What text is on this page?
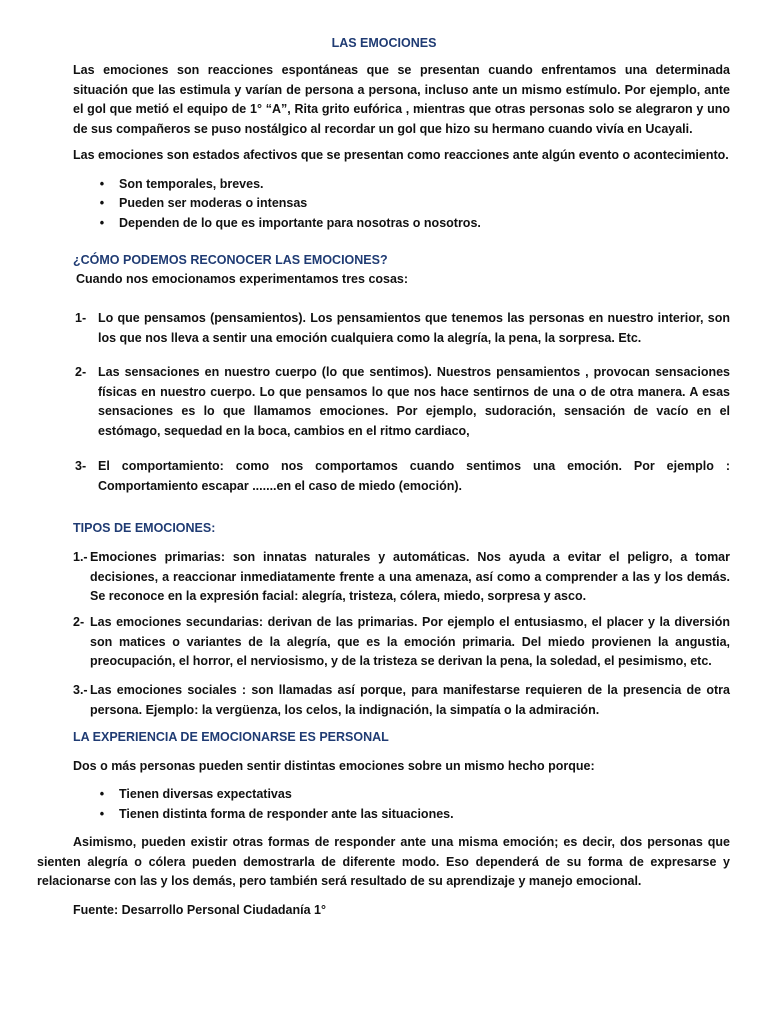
LAS EMOCIONES

Las emociones son reacciones espontáneas que se presentan cuando enfrentamos una determinada situación que las estimula y varían de persona a persona, incluso ante un mismo estímulo. Por ejemplo, ante el gol que metió el equipo de 1° “A”, Rita grito eufórica , mientras que otras personas solo se alegraron y uno de sus compañeros se puso nostálgico al recordar un gol que hizo su hermano cuando vivía en Ucayali.

Las emociones son estados afectivos que se presentan como reacciones ante algún evento o acontecimiento.

• Son temporales, breves.

• Pueden ser moderas o intensas

• Dependen de lo que es importante para nosotras o nosotros.

¿CÓMO PODEMOS RECONOCER LAS EMOCIONES?

Cuando nos emocionamos experimentamos tres cosas:

1- Lo que pensamos (pensamientos). Los pensamientos que tenemos las personas en nuestro interior, son los que nos lleva a sentir una emoción cualquiera como la alegría, la pena, la sorpresa. Etc.

2- Las sensaciones en nuestro cuerpo (lo que sentimos). Nuestros pensamientos , provocan sensaciones físicas en nuestro cuerpo. Lo que pensamos lo que nos hace sentirnos de una o de otra manera. A esas sensaciones es lo que llamamos emociones. Por ejemplo, sudoración, sensación de vacío en el estómago, sequedad en la boca, cambios en el ritmo cardiaco,

3- El comportamiento: como nos comportamos cuando sentimos una emoción. Por ejemplo : Comportamiento escapar .......en el caso de miedo (emoción).

TIPOS DE EMOCIONES:

1.- Emociones primarias: son innatas naturales y automáticas. Nos ayuda a evitar el peligro, a tomar decisiones, a reaccionar inmediatamente frente a una amenaza, así como a comprender a las y los demás. Se reconoce en la expresión facial: alegría, tristeza, cólera, miedo, sorpresa y asco.

2- Las emociones secundarias: derivan de las primarias. Por ejemplo el entusiasmo, el placer y la diversión son matices o variantes de la alegría, que es la emoción primaria. Del miedo provienen la angustia, preocupación, el horror, el nerviosismo, y de la tristeza se derivan la pena, la soledad, el pesimismo, etc.

3.- Las emociones sociales : son llamadas así porque, para manifestarse requieren de la presencia de otra persona. Ejemplo: la vergüenza, los celos, la indignación, la simpatía o la admiración.

LA EXPERIENCIA DE EMOCIONARSE ES PERSONAL

Dos o más personas pueden sentir distintas emociones sobre un mismo hecho porque:

• Tienen diversas expectativas

• Tienen distinta forma de responder ante las situaciones.

Asimismo, pueden existir otras formas de responder ante una misma emoción; es decir, dos personas que sienten alegría o cólera pueden demostrarla de diferente modo. Eso dependerá de su forma de expresarse y relacionarse con las y los demás, pero también será resultado de su aprendizaje y manejo emocional.

Fuente: Desarrollo Personal Ciudadanía 1°
